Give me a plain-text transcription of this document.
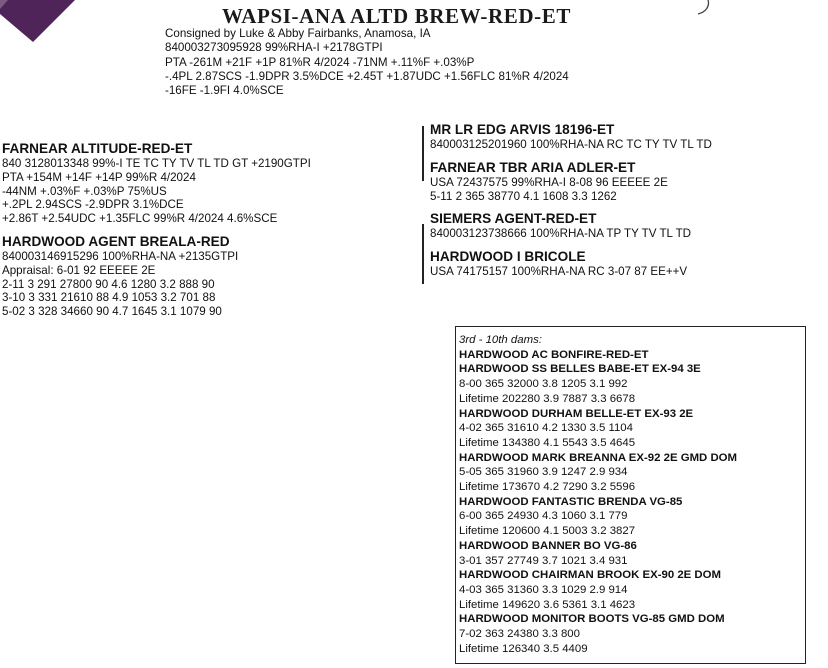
WAPSI-ANA ALTD BREW-RED-ET
Consigned by Luke & Abby Fairbanks, Anamosa, IA
840003273095928 99%RHA-I +2178GTPI
PTA -261M +21F +1P 81%R 4/2024 -71NM +.11%F +.03%P
-.4PL 2.87SCS -1.9DPR 3.5%DCE +2.45T +1.87UDC +1.56FLC 81%R 4/2024
-16FE -1.9FI 4.0%SCE
FARNEAR ALTITUDE-RED-ET
840 3128013348 99%-I TE TC TY TV TL TD GT +2190GTPI
PTA +154M +14F +14P 99%R 4/2024
-44NM +.03%F +.03%P 75%US
+.2PL 2.94SCS -2.9DPR 3.1%DCE
+2.86T +2.54UDC +1.35FLC 99%R 4/2024 4.6%SCE
HARDWOOD AGENT BREALA-RED
840003146915296 100%RHA-NA +2135GTPI
Appraisal: 6-01 92 EEEEE 2E
2-11 3 291 27800 90 4.6 1280 3.2 888 90
3-10 3 331 21610 88 4.9 1053 3.2 701 88
5-02 3 328 34660 90 4.7 1645 3.1 1079 90
MR LR EDG ARVIS 18196-ET
840003125201960 100%RHA-NA RC TC TY TV TL TD
FARNEAR TBR ARIA ADLER-ET
USA 72437575 99%RHA-I 8-08 96 EEEEE 2E
5-11 2 365 38770 4.1 1608 3.3 1262
SIEMERS AGENT-RED-ET
840003123738666 100%RHA-NA TP TY TV TL TD
HARDWOOD I BRICOLE
USA 74175157 100%RHA-NA RC 3-07 87 EE++V
3rd - 10th dams:
HARDWOOD AC BONFIRE-RED-ET
HARDWOOD SS BELLES BABE-ET EX-94 3E
8-00 365 32000 3.8 1205 3.1 992
Lifetime 202280 3.9 7887 3.3 6678
HARDWOOD DURHAM BELLE-ET EX-93 2E
4-02 365 31610 4.2 1330 3.5 1104
Lifetime 134380 4.1 5543 3.5 4645
HARDWOOD MARK BREANNA EX-92 2E GMD DOM
5-05 365 31960 3.9 1247 2.9 934
Lifetime 173670 4.2 7290 3.2 5596
HARDWOOD FANTASTIC BRENDA VG-85
6-00 365 24930 4.3 1060 3.1 779
Lifetime 120600 4.1 5003 3.2 3827
HARDWOOD BANNER BO VG-86
3-01 357 27749 3.7 1021 3.4 931
HARDWOOD CHAIRMAN BROOK EX-90 2E DOM
4-03 365 31360 3.3 1029 2.9 914
Lifetime 149620 3.6 5361 3.1 4623
HARDWOOD MONITOR BOOTS VG-85 GMD DOM
7-02 363 24380 3.3 800
Lifetime 126340 3.5 4409
